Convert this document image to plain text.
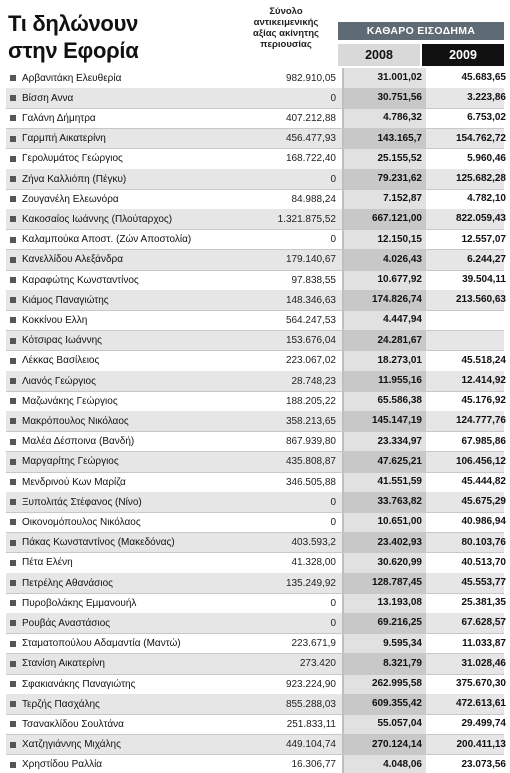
Τι δηλώνουν
στην Εφορία
Σύνολο
αντικειμενικής
αξίας ακίνητης
περιουσίας
ΚΑΘΑΡΟ ΕΙΣΟΔΗΜΑ
2008	2009
Αρβανιτάκη Ελευθερία	982.910,05	31.001,02	45.683,65
Βίσση Αννα	0	30.751,56	3.223,86
Γαλάνη Δήμητρα	407.212,88	4.786,32	6.753,02
Γαρμπή Αικατερίνη	456.477,93	143.165,7	154.762,72
Γερολυμάτος Γεώργιος	168.722,40	25.155,52	5.960,46
Ζήνα Καλλιόπη (Πέγκυ)	0	79.231,62	125.682,28
Ζουγανέλη Ελεωνόρα	84.988,24	7.152,87	4.782,10
Κακοσαίος Ιωάννης (Πλούταρχος)	1.321.875,52	667.121,00	822.059,43
Καλαμπούκα Αποστ. (Ζών Αποστολία)	0	12.150,15	12.557,07
Κανελλίδου Αλεξάνδρα	179.140,67	4.026,43	6.244,27
Καραφώτης Κωνσταντίνος	97.838,55	10.677,92	39.504,11
Κιάμος Παναγιώτης	148.346,63	174.826,74	213.560,63
Κοκκίνου Ελλη	564.247,53	4.447,94
Κότσιρας Ιωάννης	153.676,04	24.281,67
Λέκκας Βασίλειος	223.067,02	18.273,01	45.518,24
Λιανός Γεώργιος	28.748,23	11.955,16	12.414,92
Μαζωνάκης Γεώργιος	188.205,22	65.586,38	45.176,92
Μακρόπουλος Νικόλαος	358.213,65	145.147,19	124.777,76
Μαλέα Δέσποινα (Βανδή)	867.939,80	23.334,97	67.985,86
Μαργαρίτης Γεώργιος	435.808,87	47.625,21	106.456,12
Μενδρινού Κων Μαρίζα	346.505,88	41.551,59	45.444,82
Ξυπολιτάς Στέφανος (Νίνο)	0	33.763,82	45.675,29
Οικονομόπουλος Νικόλαος	0	10.651,00	40.986,94
Πάκας Κωνσταντίνος (Μακεδόνας)	403.593,2	23.402,93	80.103,76
Πέτα Ελένη	41.328,00	30.620,99	40.513,70
Πετρέλης Αθανάσιος	135.249,92	128.787,45	45.553,77
Πυροβολάκης Εμμανουήλ	0	13.193,08	25.381,35
Ρουβάς Αναστάσιος	0	69.216,25	67.628,57
Σταματοπούλου Αδαμαντία (Μαντώ)	223.671,9	9.595,34	11.033,87
Στανίση Αικατερίνη	273.420	8.321,79	31.028,46
Σφακιανάκης Παναγιώτης	923.224,90	262.995,58	375.670,30
Τερζής Πασχάλης	855.288,03	609.355,42	472.613,61
Τσανακλίδου Σουλτάνα	251.833,11	55.057,04	29.499,74
Χατζηγιάννης Μιχάλης	449.104,74	270.124,14	200.411,13
Χρηστίδου Ραλλία	16.306,77	4.048,06	23.073,56
